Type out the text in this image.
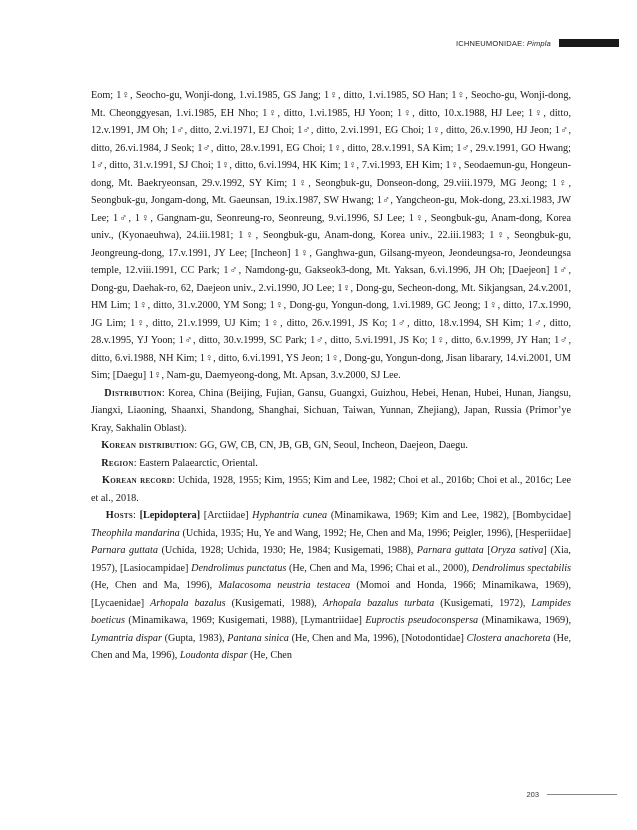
ICHNEUMONIDAE: Pimpla

Eom; 1♀, Seocho-gu, Wonji-dong, 1.vi.1985, GS Jang; 1♀, ditto, 1.vi.1985, SO Han; 1♀, Seocho-gu, Wonji-dong, Mt. Cheonggyesan, 1.vi.1985, EH Nho; 1♀, ditto, 1.vi.1985, HJ Yoon; 1♀, ditto, 10.x.1988, HJ Lee; 1♀, ditto, 12.v.1991, JM Oh; 1♂, ditto, 2.vi.1971, EJ Choi; 1♂, ditto, 2.vi.1991, EG Choi; 1♀, ditto, 26.v.1990, HJ Jeon; 1♂, ditto, 26.vi.1984, J Seok; 1♂, ditto, 28.v.1991, EG Choi; 1♀, ditto, 28.v.1991, SA Kim; 1♂, 29.v.1991, GO Hwang; 1♂, ditto, 31.v.1991, SJ Choi; 1♀, ditto, 6.vi.1994, HK Kim; 1♀, 7.vi.1993, EH Kim; 1♀, Seodaemun-gu, Hongeun-dong, Mt. Baekryeonsan, 29.v.1992, SY Kim; 1♀, Seongbuk-gu, Donseon-dong, 29.viii.1979, MG Jeong; 1♀, Seongbuk-gu, Jongam-dong, Mt. Gaeunsan, 19.ix.1987, SW Hwang; 1♂, Yangcheon-gu, Mok-dong, 23.xi.1983, JW Lee; 1♂, 1♀, Gangnam-gu, Seonreung-ro, Seonreung, 9.vi.1996, SJ Lee; 1♀, Seongbuk-gu, Anam-dong, Korea univ., (Kyonaeuhwa), 24.iii.1981; 1♀, Seongbuk-gu, Anam-dong, Korea univ., 22.iii.1983; 1♀, Seongbuk-gu, Jeongreung-dong, 17.v.1991, JY Lee; [Incheon] 1♀, Ganghwa-gun, Gilsang-myeon, Jeondeungsa-ro, Jeondeungsa temple, 12.viii.1991, CC Park; 1♂, Namdong-gu, Gakseok3-dong, Mt. Yaksan, 6.vi.1996, JH Oh; [Daejeon] 1♂, Dong-gu, Daehak-ro, 62, Daejeon univ., 2.vi.1990, JO Lee; 1♀, Dong-gu, Secheon-dong, Mt. Sikjangsan, 24.v.2001, HM Lim; 1♀, ditto, 31.v.2000, YM Song; 1♀, Dong-gu, Yongun-dong, 1.vi.1989, GC Jeong; 1♀, ditto, 17.x.1990, JG Lim; 1♀, ditto, 21.v.1999, UJ Kim; 1♀, ditto, 26.v.1991, JS Ko; 1♂, ditto, 18.v.1994, SH Kim; 1♂, ditto, 28.v.1995, YJ Yoon; 1♂, ditto, 30.v.1999, SC Park; 1♂, ditto, 5.vi.1991, JS Ko; 1♀, ditto, 6.v.1999, JY Han; 1♂, ditto, 6.vi.1988, NH Kim; 1♀, ditto, 6.vi.1991, YS Jeon; 1♀, Dong-gu, Yongun-dong, Jisan libarary, 14.vi.2001, UM Sim; [Daegu] 1♀, Nam-gu, Daemyeong-dong, Mt. Apsan, 3.v.2000, SJ Lee.

Distribution: Korea, China (Beijing, Fujian, Gansu, Guangxi, Guizhou, Hebei, Henan, Hubei, Hunan, Jiangsu, Jiangxi, Liaoning, Shaanxi, Shandong, Shanghai, Sichuan, Taiwan, Yunnan, Zhejiang), Japan, Russia (Primor’ye Kray, Sakhalin Oblast).

Korean distribution: GG, GW, CB, CN, JB, GB, GN, Seoul, Incheon, Daejeon, Daegu.

Region: Eastern Palaearctic, Oriental.

Korean record: Uchida, 1928, 1955; Kim, 1955; Kim and Lee, 1982; Choi et al., 2016b; Choi et al., 2016c; Lee et al., 2018.

Hosts: [Lepidoptera] [Arctiidae] Hyphantria cunea (Minamikawa, 1969; Kim and Lee, 1982), [Bombycidae] Theophila mandarina (Uchida, 1935; Hu, Ye and Wang, 1992; He, Chen and Ma, 1996; Peigler, 1996), [Hesperiidae] Parnara guttata (Uchida, 1928; Uchida, 1930; He, 1984; Kusigemati, 1988), Parnara guttata [Oryza sativa] (Xia, 1957), [Lasiocampidae] Dendrolimus punctatus (He, Chen and Ma, 1996; Chai et al., 2000), Dendrolimus spectabilis (He, Chen and Ma, 1996), Malacosoma neustria testacea (Momoi and Honda, 1966; Minamikawa, 1969), [Lycaenidae] Arhopala bazalus (Kusigemati, 1988), Arhopala bazalus turbata (Kusigemati, 1972), Lampides boeticus (Minamikawa, 1969; Kusigemati, 1988), [Lymantriidae] Euproctis pseudoconspersa (Minamikawa, 1969), Lymantria dispar (Gupta, 1983), Pantana sinica (He, Chen and Ma, 1996), [Notodontidae] Clostera anachoreta (He, Chen and Ma, 1996), Loudonta dispar (He, Chen

203
